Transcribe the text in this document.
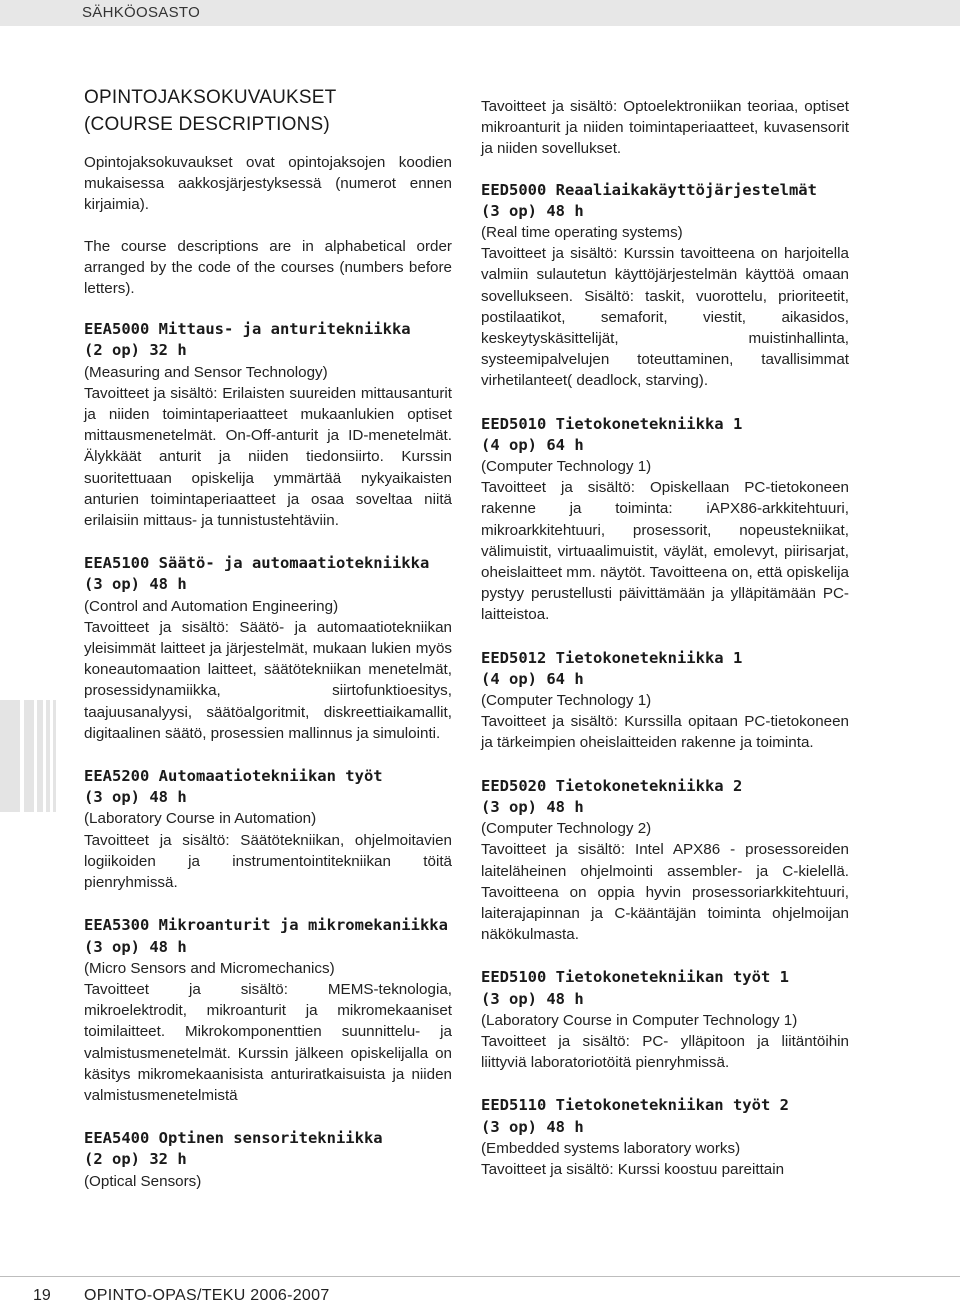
SÄHKÖOSASTO
OPINTOJAKSOKUVAUKSET
(COURSE DESCRIPTIONS)

Opintojaksokuvaukset ovat opintojaksojen koodien mukaisessa aakkosjärjestyksessä (numerot ennen kirjaimia).

The course descriptions are in alphabetical order arranged by the code of the courses (numbers before letters).

EEA5000 Mittaus- ja anturitekniikka
(2 op) 32 h
(Measuring and Sensor Technology)

Tavoitteet ja sisältö: Erilaisten suureiden mittausanturit ja niiden toimintaperiaatteet mukaanlukien optiset mittausmenetelmät. On-Off-anturit ja ID-menetelmät. Älykkäät anturit ja niiden tiedonsiirto. Kurssin suoritettuaan opiskelija ymmärtää nykyaikaisten anturien toimintaperiaatteet ja osaa soveltaa niitä erilaisiin mittaus- ja tunnistustehtäviin.

EEA5100 Säätö- ja automaatiotekniikka
(3 op) 48 h
(Control and Automation Engineering)

Tavoitteet ja sisältö: Säätö- ja automaatiotekniikan yleisimmät laitteet ja järjestelmät, mukaan lukien myös koneautomaation laitteet, säätötekniikan menetelmät, prosessidynamiikka, siirtofunktioesitys, taajuusanalyysi, säätöalgoritmit, diskreettiaikamallit, digitaalinen säätö, prosessien mallinnus ja simulointi.

EEA5200 Automaatiotekniikan työt
(3 op) 48 h
(Laboratory Course in Automation)

Tavoitteet ja sisältö: Säätötekniikan, ohjelmoitavien logiikoiden ja instrumentointitekniikan töitä pienryhmissä.

EEA5300 Mikroanturit ja mikromekaniikka (3 op) 48 h
(Micro Sensors and Micromechanics)

Tavoitteet ja sisältö: MEMS-teknologia, mikroelektrodit, mikroanturit ja mikromekaaniset toimilaitteet. Mikrokomponenttien suunnittelu- ja valmistusmenetelmät. Kurssin jälkeen opiskelijalla on käsitys mikromekaanisista anturiratkaisuista ja niiden valmistusmenetelmistä

EEA5400 Optinen sensoritekniikka
(2 op) 32 h
(Optical Sensors)

Tavoitteet ja sisältö: Optoelektroniikan teoriaa, optiset mikroanturit ja niiden toimintaperiaatteet, kuvasensorit ja niiden sovellukset.

EED5000 Reaaliaikakäyttöjärjestelmät
(3 op) 48 h
(Real time operating systems)

Tavoitteet ja sisältö: Kurssin tavoitteena on harjoitella valmiin sulautetun käyttöjärjestelmän käyttöä omaan sovellukseen. Sisältö: taskit, vuorottelu, prioriteetit, postilaatikot, semaforit, viestit, aikasidos, keskeytyskäsittelijät, muistinhallinta, systeemipalvelujen toteuttaminen, tavallisimmat virhetilanteet( deadlock, starving).

EED5010 Tietokonetekniikka 1
(4 op) 64 h
(Computer Technology 1)

Tavoitteet ja sisältö: Opiskellaan PC-tietokoneen rakenne ja toiminta: iAPX86-arkkitehtuuri, mikroarkkitehtuuri, prosessorit, nopeustekniikat, välimuistit, virtuaalimuistit, väylät, emolevyt, piirisarjat, oheislaitteet mm. näytöt. Tavoitteena on, että opiskelija pystyy perustellusti päivittämään ja ylläpitämään PC-laitteistoa.

EED5012 Tietokonetekniikka 1
(4 op) 64 h
(Computer Technology 1)

Tavoitteet ja sisältö: Kurssilla opitaan PC-tietokoneen ja tärkeimpien oheislaitteiden rakenne ja toiminta.

EED5020 Tietokonetekniikka 2
(3 op) 48 h
(Computer Technology 2)

Tavoitteet ja sisältö: Intel APX86 - prosessoreiden laiteläheinen ohjelmointi assembler- ja C-kielellä. Tavoitteena on oppia hyvin prosessoriarkkitehtuuri, laiterajapinnan ja C-kääntäjän toiminta ohjelmoijan näkökulmasta.

EED5100 Tietokonetekniikan työt 1
(3 op) 48 h
(Laboratory Course in Computer Technology 1)

Tavoitteet ja sisältö: PC- ylläpitoon ja liitäntöihin liittyviä laboratoriotöitä pienryhmissä.

EED5110 Tietokonetekniikan työt 2
(3 op) 48 h
(Embedded systems laboratory works)

Tavoitteet ja sisältö: Kurssi koostuu pareittain

19 OPINTO-OPAS/TEKU 2006-2007
